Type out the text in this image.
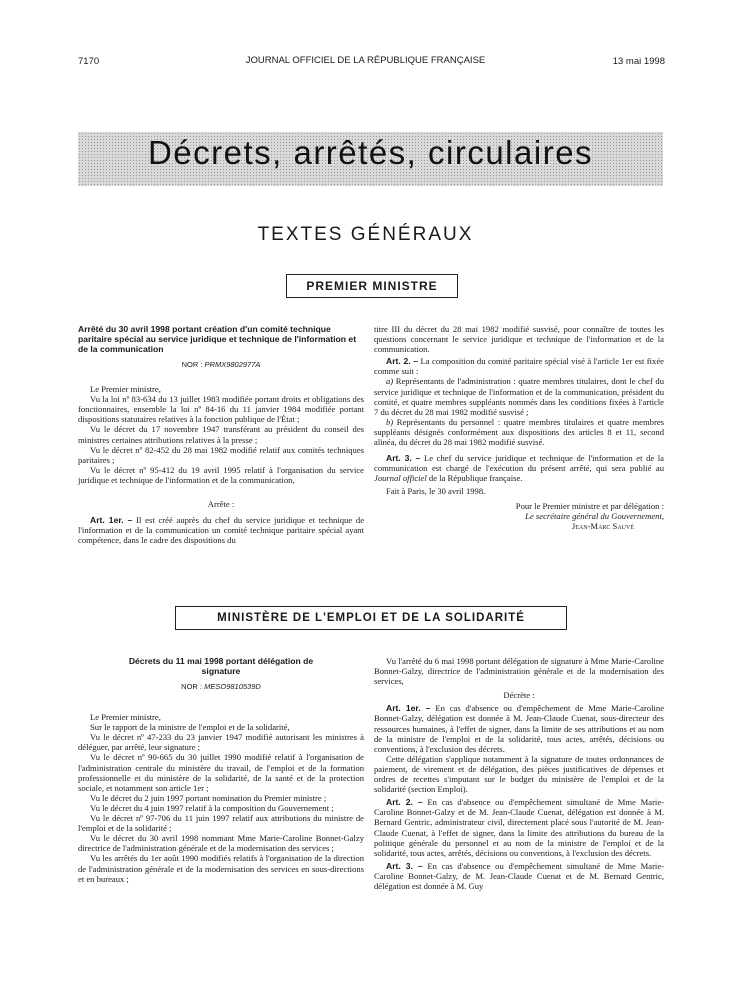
7170	JOURNAL OFFICIEL DE LA RÉPUBLIQUE FRANÇAISE	13 mai 1998
Décrets, arrêtés, circulaires
TEXTES GÉNÉRAUX
PREMIER MINISTRE
Arrêté du 30 avril 1998 portant création d'un comité technique paritaire spécial au service juridique et technique de l'information et de la communication
NOR : PRMX9802977A

Le Premier ministre,

Vu la loi nº 83-634 du 13 juillet 1983 modifiée portant droits et obligations des fonctionnaires, ensemble la loi nº 84-16 du 11 janvier 1984 modifiée portant dispositions statutaires relatives à la fonction publique de l'État ;

Vu le décret du 17 novembre 1947 transférant au président du conseil des ministres certaines attributions relatives à la presse ;

Vu le décret nº 82-452 du 28 mai 1982 modifié relatif aux comités techniques paritaires ;

Vu le décret nº 95-412 du 19 avril 1995 relatif à l'organisation du service juridique et technique de l'information et de la communication,

Arrête :

Art. 1er. – Il est créé auprès du chef du service juridique et technique de l'information et de la communication un comité technique paritaire spécial ayant compétence, dans le cadre des dispositions du

titre III du décret du 28 mai 1982 modifié susvisé, pour connaître de toutes les questions concernant le service juridique et technique de l'information et de la communication.

Art. 2. – La composition du comité paritaire spécial visé à l'article 1er est fixée comme suit :

a) Représentants de l'administration : quatre membres titulaires, dont le chef du service juridique et technique de l'information et de la communication, président du comité, et quatre membres suppléants nommés dans les conditions fixées à l'article 7 du décret du 28 mai 1982 modifié susvisé ;

b) Représentants du personnel : quatre membres titulaires et quatre membres suppléants désignés conformément aux dispositions des articles 8 et 11, second alinéa, du décret du 28 mai 1982 modifié susvisé.

Art. 3. – Le chef du service juridique et technique de l'information et de la communication est chargé de l'exécution du présent arrêté, qui sera publié au Journal officiel de la République française.

Fait à Paris, le 30 avril 1998.

Pour le Premier ministre et par délégation :
Le secrétaire général du Gouvernement,
Jean-Marc Sauvé
MINISTÈRE DE L'EMPLOI ET DE LA SOLIDARITÉ
Décrets du 11 mai 1998 portant délégation de signature
NOR : MESO9810539D

Le Premier ministre,

Sur le rapport de la ministre de l'emploi et de la solidarité,

Vu le décret nº 47-233 du 23 janvier 1947 modifié autorisant les ministres à déléguer, par arrêté, leur signature ;

Vu le décret nº 90-665 du 30 juillet 1990 modifié relatif à l'organisation de l'administration centrale du ministère du travail, de l'emploi et de la formation professionnelle et du ministère de la solidarité, de la santé et de la protection sociale, et notamment son article 1er ;

Vu le décret du 2 juin 1997 portant nomination du Premier ministre ;

Vu le décret du 4 juin 1997 relatif à la composition du Gouvernement ;

Vu le décret nº 97-706 du 11 juin 1997 relatif aux attributions du ministre de l'emploi et de la solidarité ;

Vu le décret du 30 avril 1998 nommant Mme Marie-Caroline Bonnet-Galzy directrice de l'administration générale et de la modernisation des services ;

Vu les arrêtés du 1er août 1990 modifiés relatifs à l'organisation de la direction de l'administration générale et de la modernisation des services en sous-directions et en bureaux ;

Vu l'arrêté du 6 mai 1998 portant délégation de signature à Mme Marie-Caroline Bonnet-Galzy, directrice de l'administration générale et de la modernisation des services,

Décrète :

Art. 1er. – En cas d'absence ou d'empêchement de Mme Marie-Caroline Bonnet-Galzy, délégation est donnée à M. Jean-Claude Cuenat, sous-directeur des ressources humaines, à l'effet de signer, dans la limite de ses attributions et au nom de la ministre de l'emploi et de la solidarité, tous actes, arrêtés, décisions ou conventions, à l'exclusion des décrets.

Cette délégation s'applique notamment à la signature de toutes ordonnances de paiement, de virement et de délégation, des pièces justificatives de dépenses et ordres de recettes s'imputant sur le budget du ministère de l'emploi et de la solidarité (section Emploi).

Art. 2. – En cas d'absence ou d'empêchement simultané de Mme Marie-Caroline Bonnet-Galzy et de M. Jean-Claude Cuenat, délégation est donnée à M. Bernard Gentric, administrateur civil, directement placé sous l'autorité de M. Jean-Claude Cuenat, à l'effet de signer, dans la limite des attributions du bureau de la politique générale du personnel et au nom de la ministre de l'emploi et de la solidarité, tous actes, arrêtés, décisions ou conventions, à l'exclusion des décrets.

Art. 3. – En cas d'absence ou d'empêchement simultané de Mme Marie-Caroline Bonnet-Galzy, de M. Jean-Claude Cuenat et de M. Bernard Gentric, délégation est donnée à M. Guy
